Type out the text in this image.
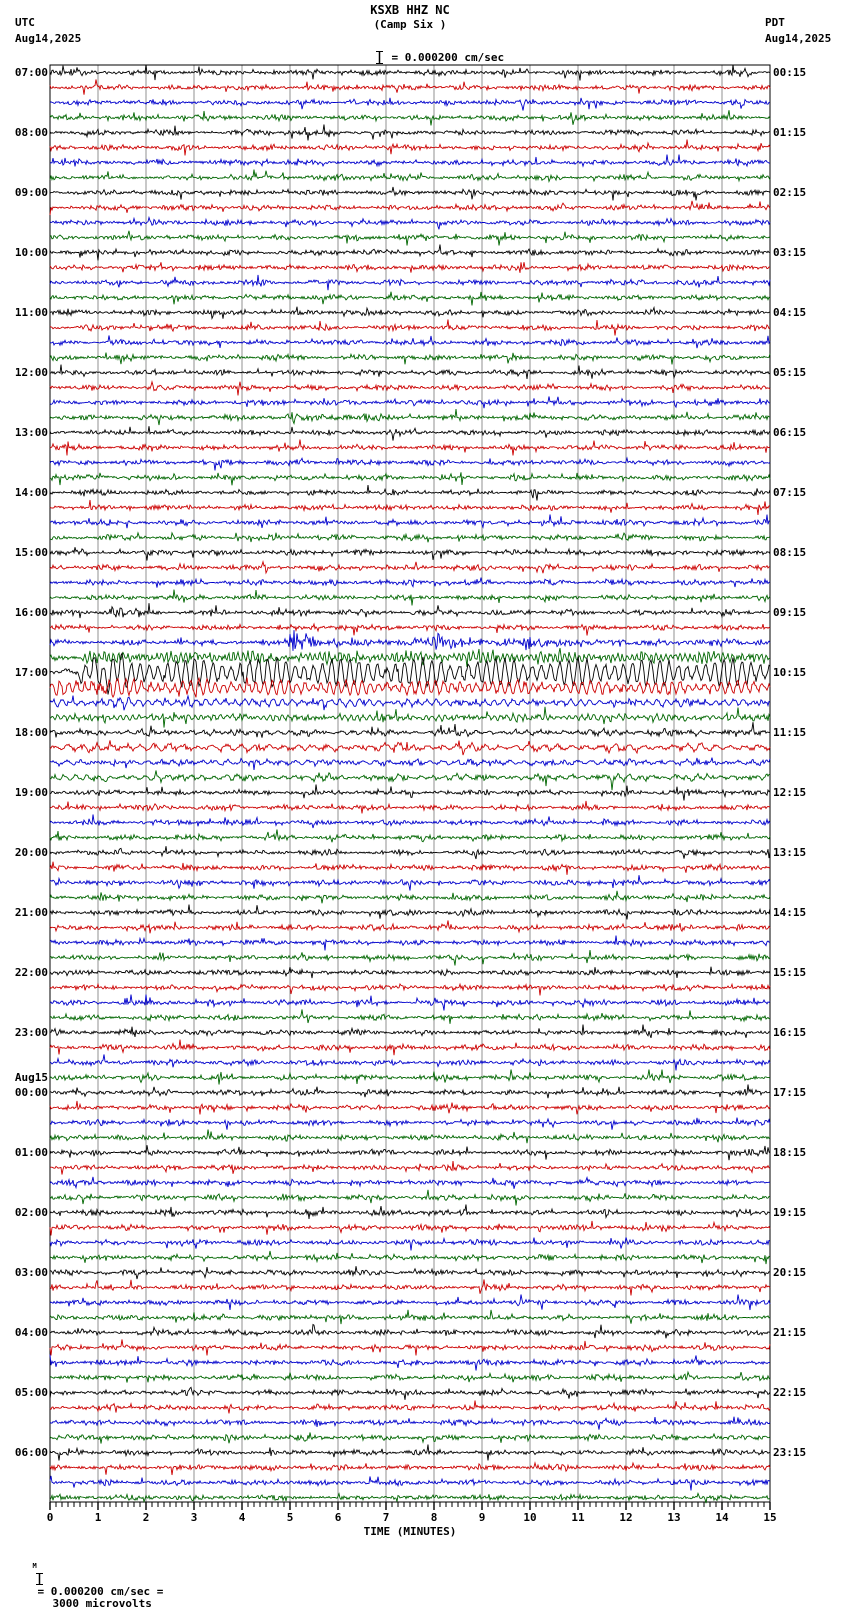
0	1	2	3	4	5	6	7	8	9	10	11	12	13	14	15
KSXB HHZ NC
(Camp Six )
UTC
Aug14,2025
PDT
Aug14,2025

= 0.000200 cm/sec

TIME (MINUTES)

M

= 0.000200 cm/sec =
3000 microvolts

07:00
08:00
09:00
10:00
11:00
12:00
13:00
14:00
15:00
16:00
17:00
18:00
19:00
20:00
21:00
22:00
23:00
00:00
01:00
02:00
03:00
04:00
05:00
06:00
00:15
01:15
02:15
03:15
04:15
05:15
06:15
07:15
08:15
09:15
10:15
11:15
12:15
13:15
14:15
15:15
16:15
17:15
18:15
19:15
20:15
21:15
22:15
23:15
Aug15
